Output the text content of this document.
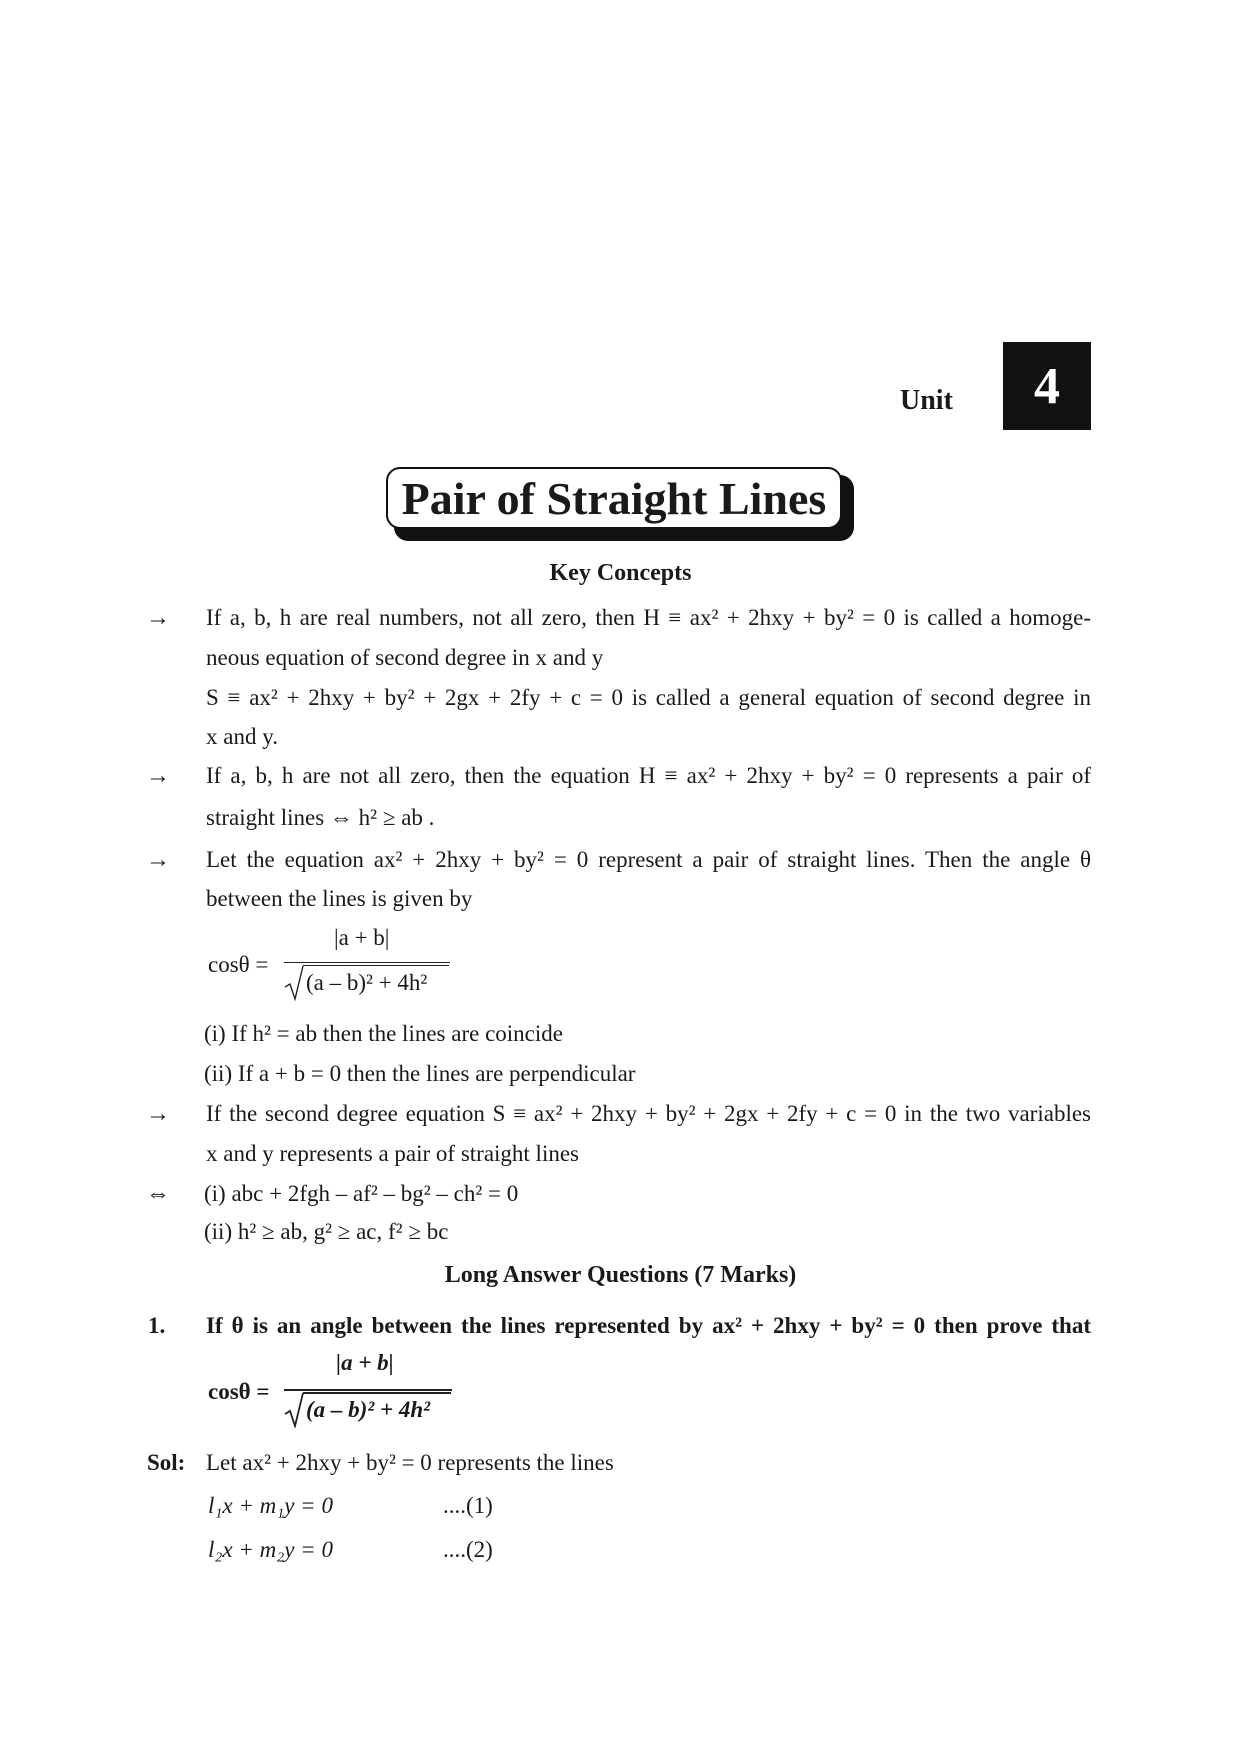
Unit	4
Pair of Straight Lines
Key Concepts
→ If a, b, h are real numbers, not all zero, then H ≡ ax² + 2hxy + by² = 0 is called a homoge-
neous equation of second degree in x and y
S ≡ ax² + 2hxy + by² + 2gx + 2fy + c = 0 is called a general equation of second degree in
x and y.
→ If a, b, h are not all zero, then the equation H ≡ ax² + 2hxy + by² = 0 represents a pair of
straight lines ⇔ h² ≥ ab .
→ Let the equation ax² + 2hxy + by² = 0 represent a pair of straight lines. Then the angle θ
between the lines is given by
cosθ =
|a + b|
(a – b)² + 4h²
(i) If h² = ab then the lines are coincide
(ii) If a + b = 0 then the lines are perpendicular
→ If the second degree equation S ≡ ax² + 2hxy + by² + 2gx + 2fy + c = 0 in the two variables
x and y represents a pair of straight lines
⇔ (i) abc + 2fgh – af² – bg² – ch² = 0
(ii) h² ≥ ab, g² ≥ ac, f² ≥ bc
Long Answer Questions (7 Marks)
1. If θ is an angle between the lines represented by ax² + 2hxy + by² = 0 then prove that
cosθ =
|a + b|
(a – b)² + 4h²
Sol: Let ax² + 2hxy + by² = 0 represents the lines
l₁x + m₁y = 0	....(1)
l₂x + m₂y = 0	....(2)
